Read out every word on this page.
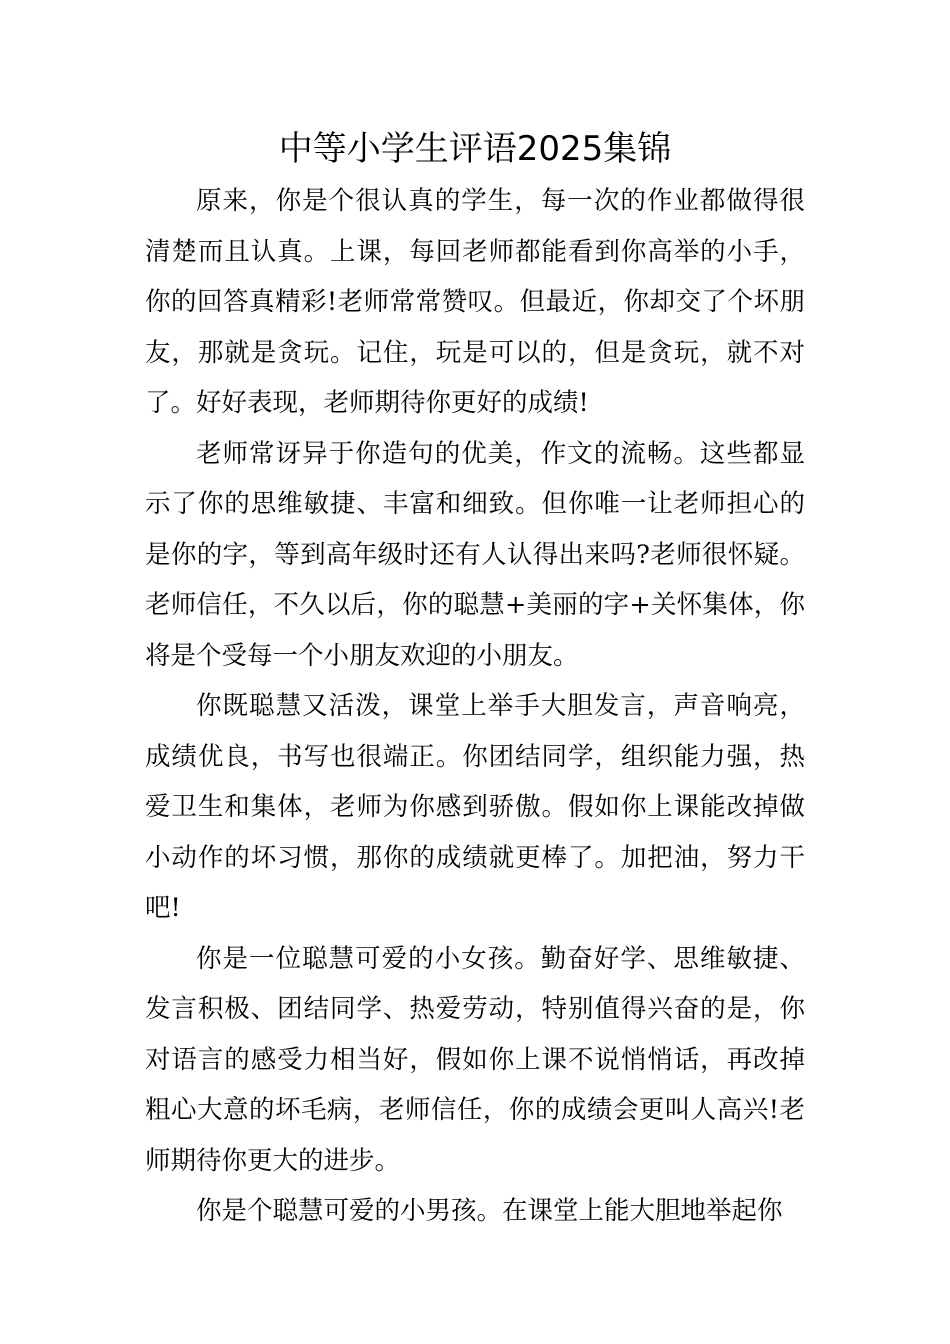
中等小学生评语2025集锦

原来，你是个很认真的学生，每一次的作业都做得很清楚而且认真。上课，每回老师都能看到你高举的小手，你的回答真精彩!老师常常赞叹。但最近，你却交了个坏朋友，那就是贪玩。记住，玩是可以的，但是贪玩，就不对了。好好表现，老师期待你更好的成绩!

老师常讶异于你造句的优美，作文的流畅。这些都显示了你的思维敏捷、丰富和细致。但你唯一让老师担心的是你的字，等到高年级时还有人认得出来吗?老师很怀疑。老师信任，不久以后，你的聪慧+美丽的字+关怀集体，你将是个受每一个小朋友欢迎的小朋友。

你既聪慧又活泼，课堂上举手大胆发言，声音响亮，成绩优良，书写也很端正。你团结同学，组织能力强，热爱卫生和集体，老师为你感到骄傲。假如你上课能改掉做小动作的坏习惯，那你的成绩就更棒了。加把油，努力干吧!

你是一位聪慧可爱的小女孩。勤奋好学、思维敏捷、发言积极、团结同学、热爱劳动，特别值得兴奋的是，你对语言的感受力相当好，假如你上课不说悄悄话，再改掉粗心大意的坏毛病，老师信任，你的成绩会更叫人高兴!老师期待你更大的进步。

你是个聪慧可爱的小男孩。在课堂上能大胆地举起你
